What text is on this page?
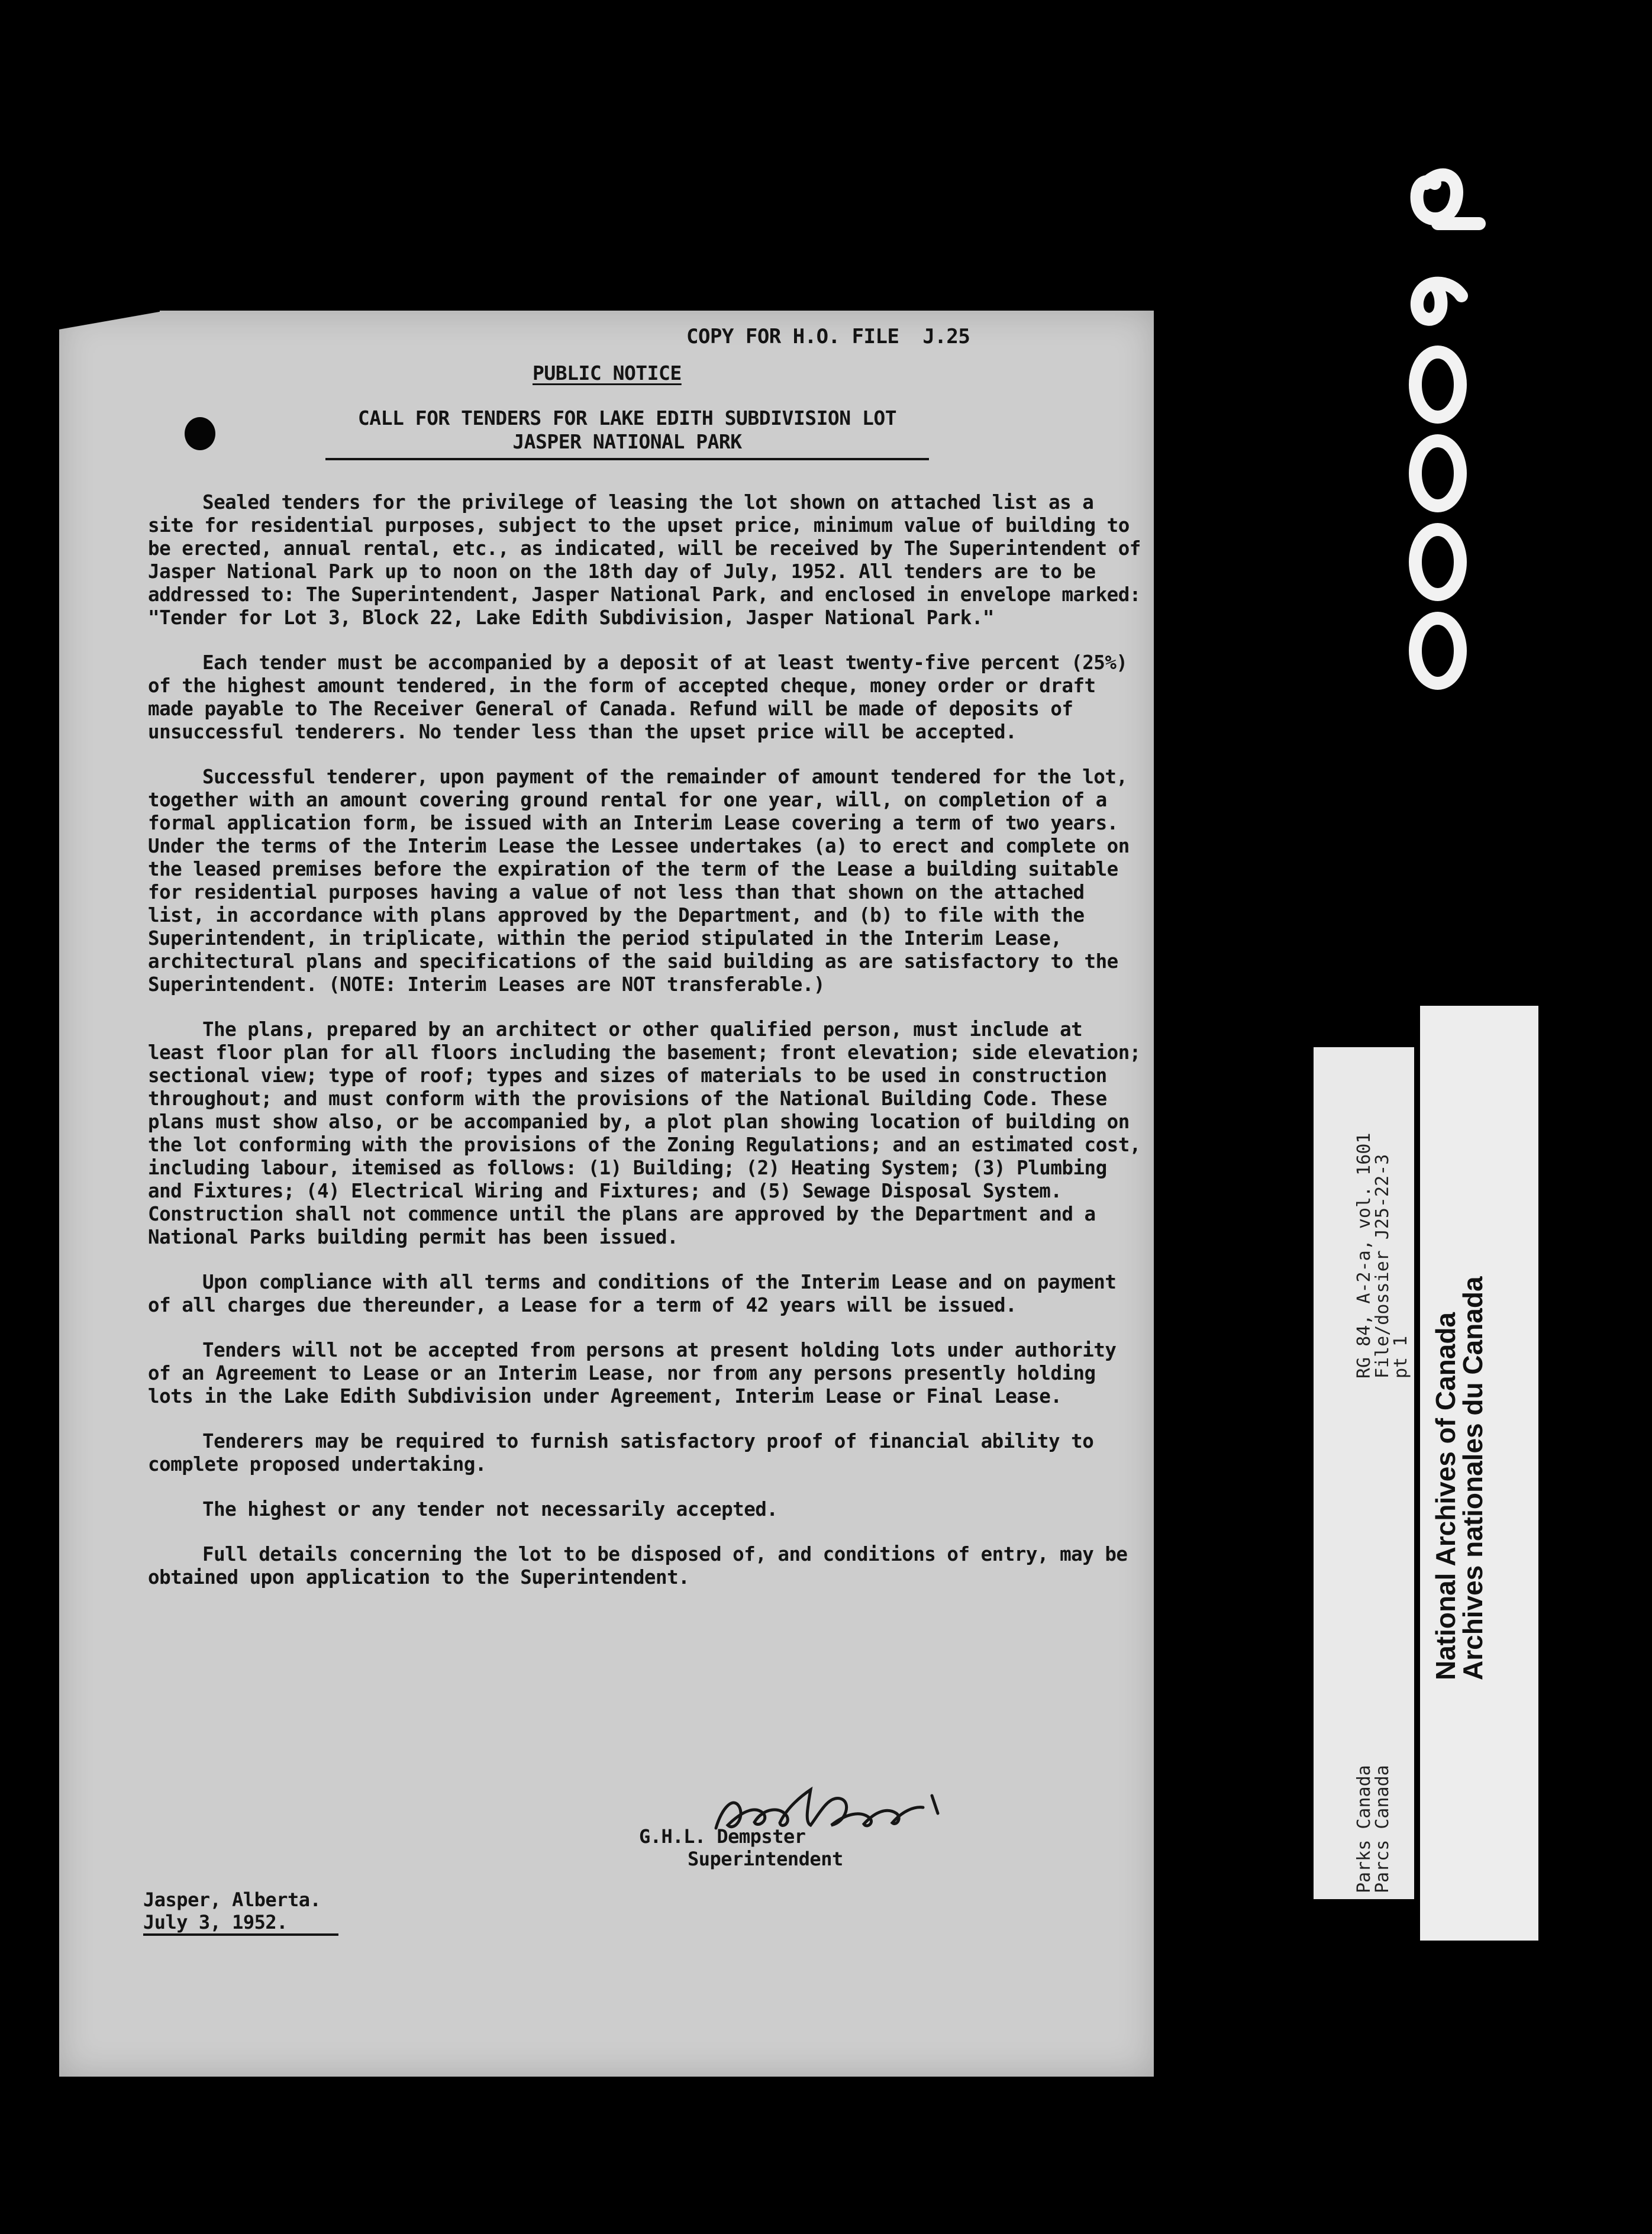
COPY FOR H.O. FILE J.25
PUBLIC NOTICE
CALL FOR TENDERS FOR LAKE EDITH SUBDIVISION LOT
JASPER NATIONAL PARK

Sealed tenders for the privilege of leasing the lot shown on attached list as a site for residential purposes, subject to the upset price, minimum value of building to be erected, annual rental, etc., as indicated, will be received by The Superintendent of Jasper National Park up to noon on the 18th day of July, 1952. All tenders are to be addressed to: The Superintendent, Jasper National Park, and enclosed in envelope marked: "Tender for Lot 3, Block 22, Lake Edith Subdivision, Jasper National Park."

Each tender must be accompanied by a deposit of at least twenty-five percent (25%) of the highest amount tendered, in the form of accepted cheque, money order or draft made payable to The Receiver General of Canada. Refund will be made of deposits of unsuccessful tenderers. No tender less than the upset price will be accepted.

Successful tenderer, upon payment of the remainder of amount tendered for the lot, together with an amount covering ground rental for one year, will, on completion of a formal application form, be issued with an Interim Lease covering a term of two years. Under the terms of the Interim Lease the Lessee undertakes (a) to erect and complete on the leased premises before the expiration of the term of the Lease a building suitable for residential purposes having a value of not less than that shown on the attached list, in accordance with plans approved by the Department, and (b) to file with the Superintendent, in triplicate, within the period stipulated in the Interim Lease, architectural plans and specifications of the said building as are satisfactory to the Superintendent. (NOTE: Interim Leases are NOT transferable.)

The plans, prepared by an architect or other qualified person, must include at least floor plan for all floors including the basement; front elevation; side elevation; sectional view; type of roof; types and sizes of materials to be used in construction throughout; and must conform with the provisions of the National Building Code. These plans must show also, or be accompanied by, a plot plan showing location of building on the lot conforming with the provisions of the Zoning Regulations; and an estimated cost, including labour, itemised as follows: (1) Building; (2) Heating System; (3) Plumbing and Fixtures; (4) Electrical Wiring and Fixtures; and (5) Sewage Disposal System. Construction shall not commence until the plans are approved by the Department and a National Parks building permit has been issued.

Upon compliance with all terms and conditions of the Interim Lease and on payment of all charges due thereunder, a Lease for a term of 42 years will be issued.

Tenders will not be accepted from persons at present holding lots under authority of an Agreement to Lease or an Interim Lease, nor from any persons presently holding lots in the Lake Edith Subdivision under Agreement, Interim Lease or Final Lease.

Tenderers may be required to furnish satisfactory proof of financial ability to complete proposed undertaking.

The highest or any tender not necessarily accepted.

Full details concerning the lot to be disposed of, and conditions of entry, may be obtained upon application to the Superintendent.

G.H.L. Dempster
Superintendent
Jasper, Alberta.
July 3, 1952.
RG 84, A-2-a, vol. 1601
File/dossier J25-22-3
pt 1
Parks Canada
Parcs Canada
National Archives of Canada
Archives nationales du Canada
